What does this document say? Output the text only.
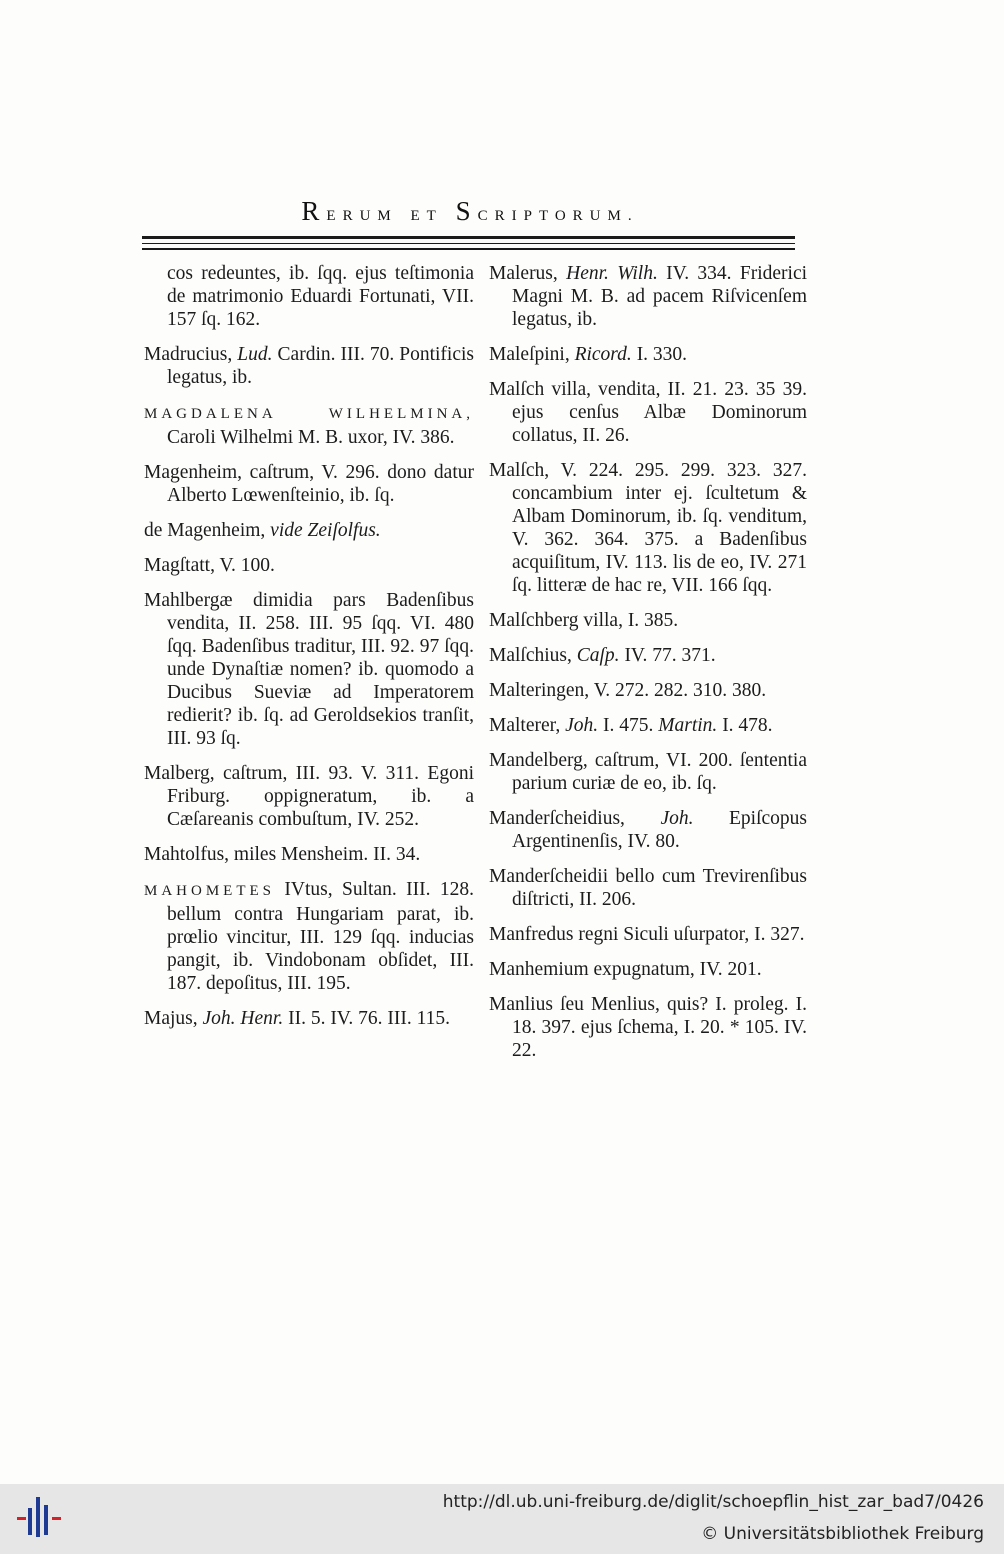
RERUM ET SCRIPTORUM.
cos redeuntes, ib. ſqq. ejus teſtimonia de matrimonio Eduardi Fortunati, VII. 157 ſq. 162.
Madrucius, Lud. Cardin. III. 70. Pontificis legatus, ib.
MAGDALENA WILHELMINA, Caroli Wilhelmi M. B. uxor, IV. 386.
Magenheim, caſtrum, V. 296. dono datur Alberto Lœwenſteinio, ib. ſq.
de Magenheim, vide Zeiſolfus.
Magſtatt, V. 100.
Mahlbergæ dimidia pars Badenſibus vendita, II. 258. III. 95 ſqq. VI. 480 ſqq. Badenſibus traditur, III. 92. 97 ſqq. unde Dynaſtiæ nomen? ib. quomodo a Ducibus Sueviæ ad Imperatorem redierit? ib. ſq. ad Geroldsekios tranſit, III. 93 ſq.
Malberg, caſtrum, III. 93. V. 311. Egoni Friburg. oppigneratum, ib. a Cæſareanis combuſtum, IV. 252.
Mahtolfus, miles Mensheim. II. 34.
MAHOMETES IVtus, Sultan. III. 128. bellum contra Hungariam parat, ib. prœlio vincitur, III. 129 ſqq. inducias pangit, ib. Vindobonam obſidet, III. 187. depoſitus, III. 195.
Majus, Joh. Henr. II. 5. IV. 76. III. 115.
Malerus, Henr. Wilh. IV. 334. Friderici Magni M. B. ad pacem Riſvicenſem legatus, ib.
Maleſpini, Ricord. I. 330.
Malſch villa, vendita, II. 21. 23. 35 39. ejus cenſus Albæ Dominorum collatus, II. 26.
Malſch, V. 224. 295. 299. 323. 327. concambium inter ej. ſcultetum & Albam Dominorum, ib. ſq. venditum, V. 362. 364. 375. a Badenſibus acquiſitum, IV. 113. lis de eo, IV. 271 ſq. litteræ de hac re, VII. 166 ſqq.
Malſchberg villa, I. 385.
Malſchius, Caſp. IV. 77. 371.
Malteringen, V. 272. 282. 310. 380.
Malterer, Joh. I. 475. Martin. I. 478.
Mandelberg, caſtrum, VI. 200. ſententia parium curiæ de eo, ib. ſq.
Manderſcheidius, Joh. Epiſcopus Argentinenſis, IV. 80.
Manderſcheidii bello cum Trevirenſibus diſtricti, II. 206.
Manfredus regni Siculi uſurpator, I. 327.
Manhemium expugnatum, IV. 201.
Manlius ſeu Menlius, quis? I. proleg. I. 18. 397. ejus ſchema, I. 20. * 105. IV. 22.
http://dl.ub.uni-freiburg.de/diglit/schoepflin_hist_zar_bad7/0426
© Universitätsbibliothek Freiburg
